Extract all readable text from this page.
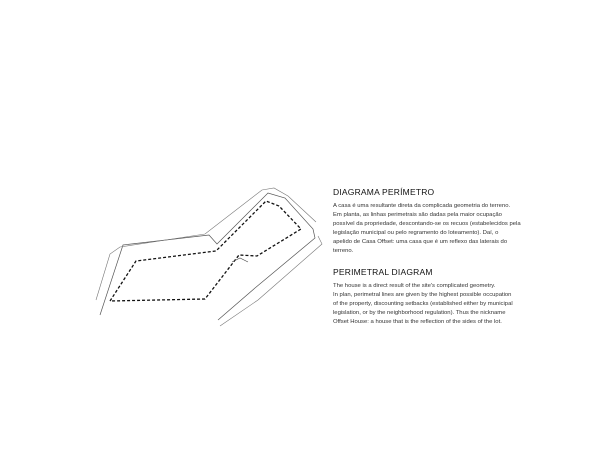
DIAGRAMA PERÍMETRO

A casa é uma resultante direta da complicada geometria do terreno.

Em planta, as linhas perimetrais são dadas pela maior ocupação

possível da propriedade, descontando-se os recuos (estabelecidos pela

legislação municipal ou pelo regramento do loteamento). Daí, o

apelido de Casa Offset: uma casa que é um reflexo das laterais do

terreno.

PERIMETRAL DIAGRAM

The house is a direct result of the site's complicated geometry.

In plan, perimetral lines are given by the highest possible occupation

of the property, discounting setbacks (established either by municipal

legislation, or by the neighborhood regulation). Thus the nickname

Offset House: a house that is the reflection of the sides of the lot.
